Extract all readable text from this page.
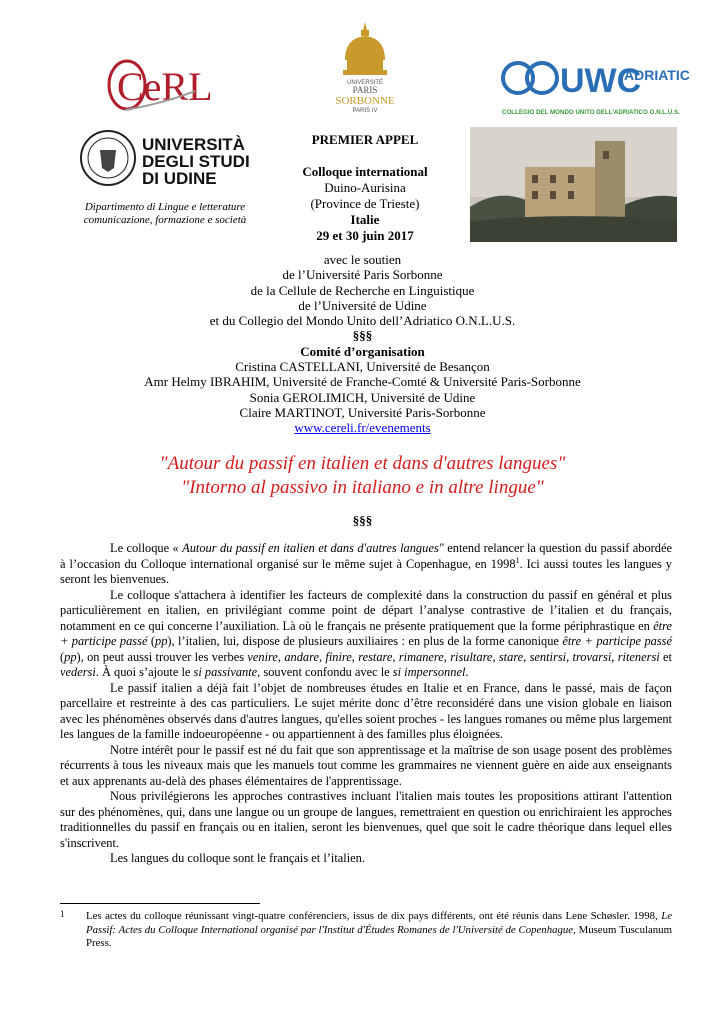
CeRL	UNIVERSITÉ
PARIS
SORBONNE
PARIS IV
UWC
ADRIATIC
COLLEGIO DEL MONDO UNITO DELL'ADRIATICO O.N.L.U.S.
UNIVERSITÀ
DEGLI STUDI
DI UDINE
Dipartimento di Lingue e letterature
comunicazione, formazione e società
PREMIER APPEL
Colloque international
Duino-Aurisina
(Province de Trieste)
Italie
29 et 30 juin 2017
avec le soutien
de l’Université Paris Sorbonne
de la Cellule de Recherche en Linguistique
de l’Université de Udine
et du Collegio del Mondo Unito dell’Adriatico O.N.L.U.S.
§§§
Comité d’organisation
Cristina CASTELLANI, Université de Besançon
Amr Helmy IBRAHIM, Université de Franche-Comté & Université Paris-Sorbonne
Sonia GEROLIMICH, Université de Udine
Claire MARTINOT, Université Paris-Sorbonne
www.cereli.fr/evenements
"Autour du passif en italien et dans d'autres langues"
"Intorno al passivo in italiano e in altre lingue"
§§§

Le colloque « Autour du passif en italien et dans d'autres langues" entend relancer la question du passif abordée à l’occasion du Colloque international organisé sur le même sujet à Copenhague, en 1998$^1$. Ici aussi toutes les langues y seront les bienvenues.

Le colloque s'attachera à identifier les facteurs de complexité dans la construction du passif en général et plus particulièrement en italien, en privilégiant comme point de départ l’analyse contrastive de l’italien et du français, notamment en ce qui concerne l’auxiliation. Là où le français ne présente pratiquement que la forme périphrastique en être + participe passé (pp), l’italien, lui, dispose de plusieurs auxiliaires : en plus de la forme canonique être + participe passé (pp), on peut aussi trouver les verbes venire, andare, finire, restare, rimanere, risultare, stare, sentirsi, trovarsi, ritenersi et vedersi. À quoi s’ajoute le si passivante, souvent confondu avec le si impersonnel.

Le passif italien a déjà fait l’objet de nombreuses études en Italie et en France, dans le passé, mais de façon parcellaire et restreinte à des cas particuliers. Le sujet mérite donc d’être reconsidéré dans une vision globale en liaison avec les phénomènes observés dans d'autres langues, qu'elles soient proches - les langues romanes ou même plus largement les langues de la famille indoeuropéenne - ou appartiennent à des familles plus éloignées.

Notre intérêt pour le passif est né du fait que son apprentissage et la maîtrise de son usage posent des problèmes récurrents à tous les niveaux mais que les manuels tout comme les grammaires ne viennent guère en aide aux enseignants et aux apprenants au-delà des phases élémentaires de l'apprentissage.

Nous privilégierons les approches contrastives incluant l'italien mais toutes les propositions attirant l'attention sur des phénomènes, qui, dans une langue ou un groupe de langues, remettraient en question ou enrichiraient les approches traditionnelles du passif en français ou en italien, seront les bienvenues, quel que soit le cadre théorique dans lequel elles s'inscrivent.

Les langues du colloque sont le français et l’italien.

1	Les actes du colloque réunissant vingt-quatre conférenciers, issus de dix pays différents, ont été réunis dans Lene Schøsler. 1998, Le Passif: Actes du Colloque International organisé par l'Institut d'Études Romanes de l'Université de Copenhague, Museum Tusculanum Press.
